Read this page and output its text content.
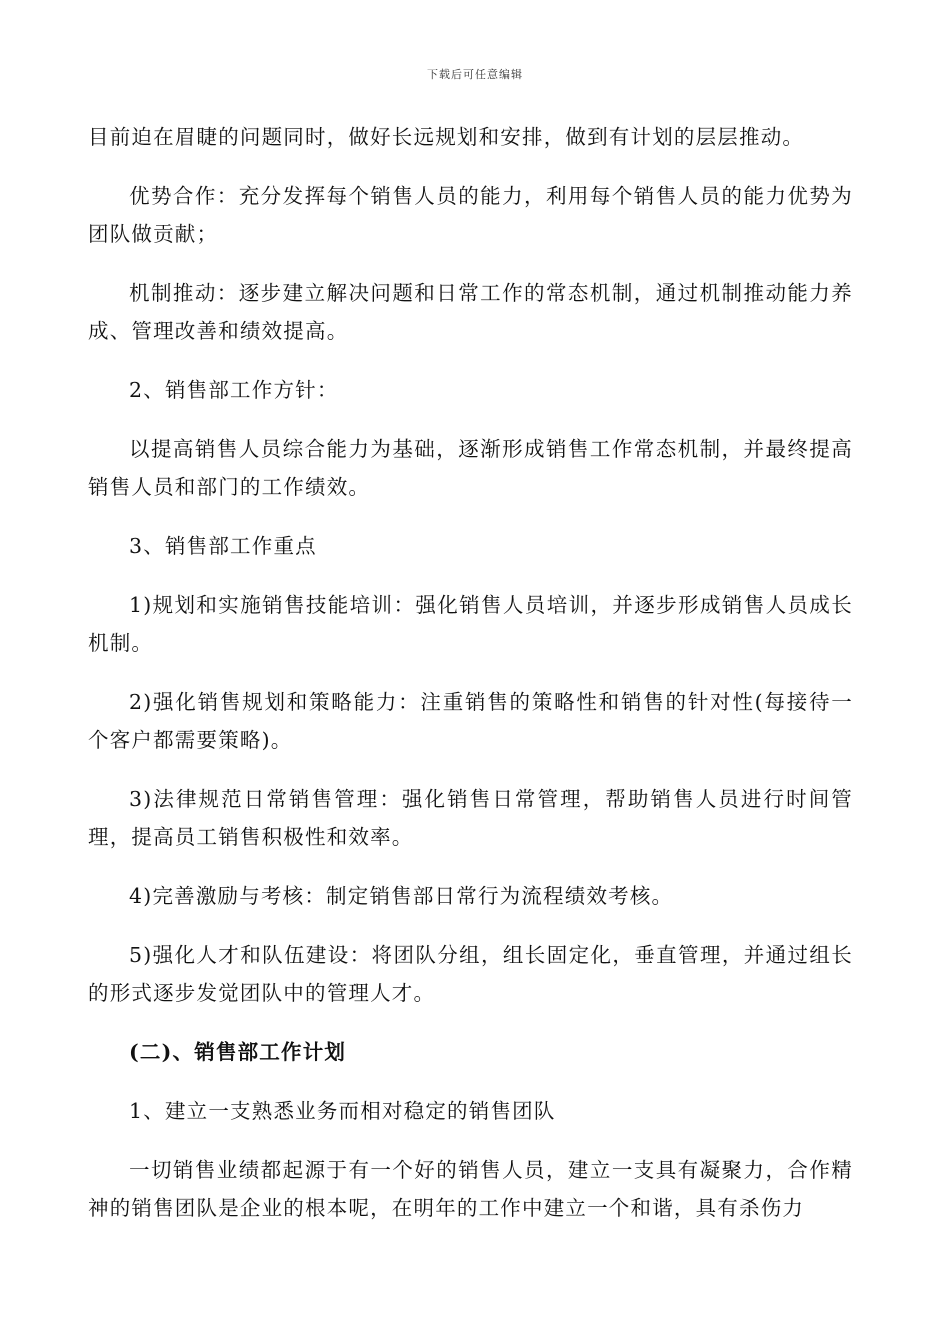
下载后可任意编辑

目前迫在眉睫的问题同时，做好长远规划和安排，做到有计划的层层推动。

优势合作：充分发挥每个销售人员的能力，利用每个销售人员的能力优势为团队做贡献；

机制推动：逐步建立解决问题和日常工作的常态机制，通过机制推动能力养成、管理改善和绩效提高。

2、销售部工作方针：

以提高销售人员综合能力为基础，逐渐形成销售工作常态机制，并最终提高销售人员和部门的工作绩效。

3、销售部工作重点

1)规划和实施销售技能培训：强化销售人员培训，并逐步形成销售人员成长机制。

2)强化销售规划和策略能力：注重销售的策略性和销售的针对性(每接待一个客户都需要策略)。

3)法律规范日常销售管理：强化销售日常管理，帮助销售人员进行时间管理，提高员工销售积极性和效率。

4)完善激励与考核：制定销售部日常行为流程绩效考核。

5)强化人才和队伍建设：将团队分组，组长固定化，垂直管理，并通过组长的形式逐步发觉团队中的管理人才。

(二)、销售部工作计划

1、建立一支熟悉业务而相对稳定的销售团队

一切销售业绩都起源于有一个好的销售人员，建立一支具有凝聚力，合作精神的销售团队是企业的根本呢，在明年的工作中建立一个和谐，具有杀伤力
